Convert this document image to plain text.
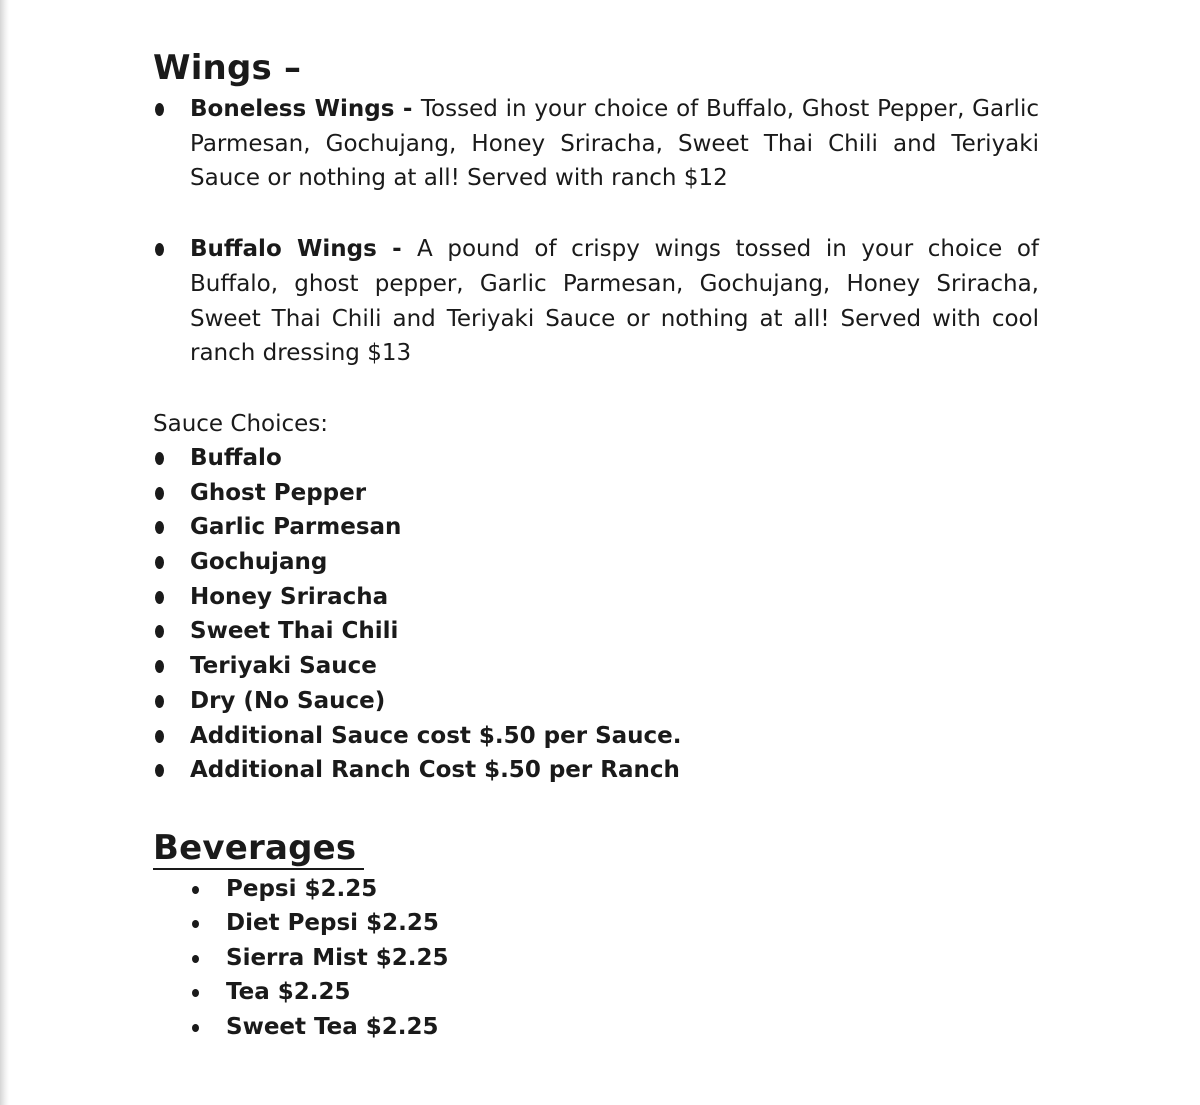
Wings –
Boneless Wings - Tossed in your choice of Buffalo, Ghost Pepper, Garlic Parmesan, Gochujang, Honey Sriracha, Sweet Thai Chili and Teriyaki Sauce or nothing at all! Served with ranch $12
Buffalo Wings - A pound of crispy wings tossed in your choice of Buffalo, ghost pepper, Garlic Parmesan, Gochujang, Honey Sriracha, Sweet Thai Chili and Teriyaki Sauce or nothing at all! Served with cool ranch dressing $13

Sauce Choices:

Buffalo
Ghost Pepper
Garlic Parmesan
Gochujang
Honey Sriracha
Sweet Thai Chili
Teriyaki Sauce
Dry (No Sauce)
Additional Sauce cost $.50 per Sauce.
Additional Ranch Cost $.50 per Ranch
Beverages
Pepsi $2.25
Diet Pepsi $2.25
Sierra Mist $2.25
Tea $2.25
Sweet Tea $2.25
